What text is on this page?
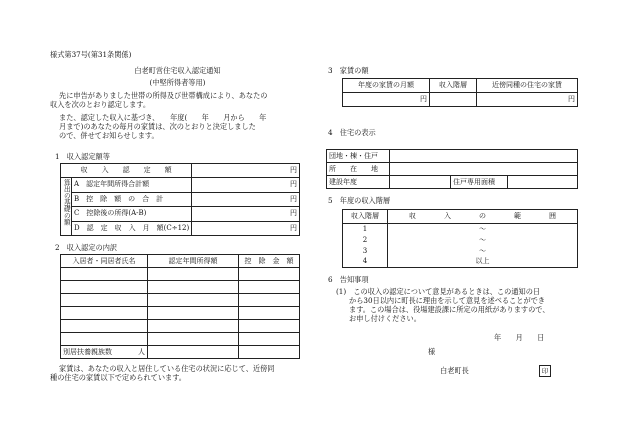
様式第37号(第31条関係)
白老町営住宅収入認定通知
(中堅所得者等用)

先に申告がありました世帯の所得及び世帯構成により、あなたの

収入を次のとおり認定します。

また、認定した収入に基づき、　　年度(　　年　　月から　　年

月まで)のあなたの毎月の家賃は、次のとおりと決定しました

ので、併せてお知らせします。

1　収入認定額等
収　　入　　認　　定　　額		円
算出の基礎の額	A　認定年間所得合計額	円
	B　控　除　額　の　合　計	円
	C　控除後の所得(A-B)	円
	D　認　定　収　入　月　額(C÷12)	円
2　収入認定の内訳
入居者・同居者氏名	認定年間所得額	控　除　金　額

別居扶養親族数 人		

家賃は、あなたの収入と居住している住宅の状況に応じて、近傍同

種の住宅の家賃以下で定められています。

3　家賃の額
年度の家賃の月額	収入階層	近傍同種の住宅の家賃
円		円
4　住宅の表示
団地・棟・住戸			
所　　在　　地			
建設年度		住戸専用面積	
5　年度の収入階層
収入階層	収　　　　入　　　　の　　　　範　　　　囲
1	～
2	～
3	～
4	以上
6　告知事項

(1)　この収入の認定について意見があるときは、この通知の日

から30日以内に町長に理由を示して意見を述べることができ

ます。この場合は、役場建設課に所定の用紙がありますので、

お申し付けください。

年　　月　　日
様
白老町長	印
